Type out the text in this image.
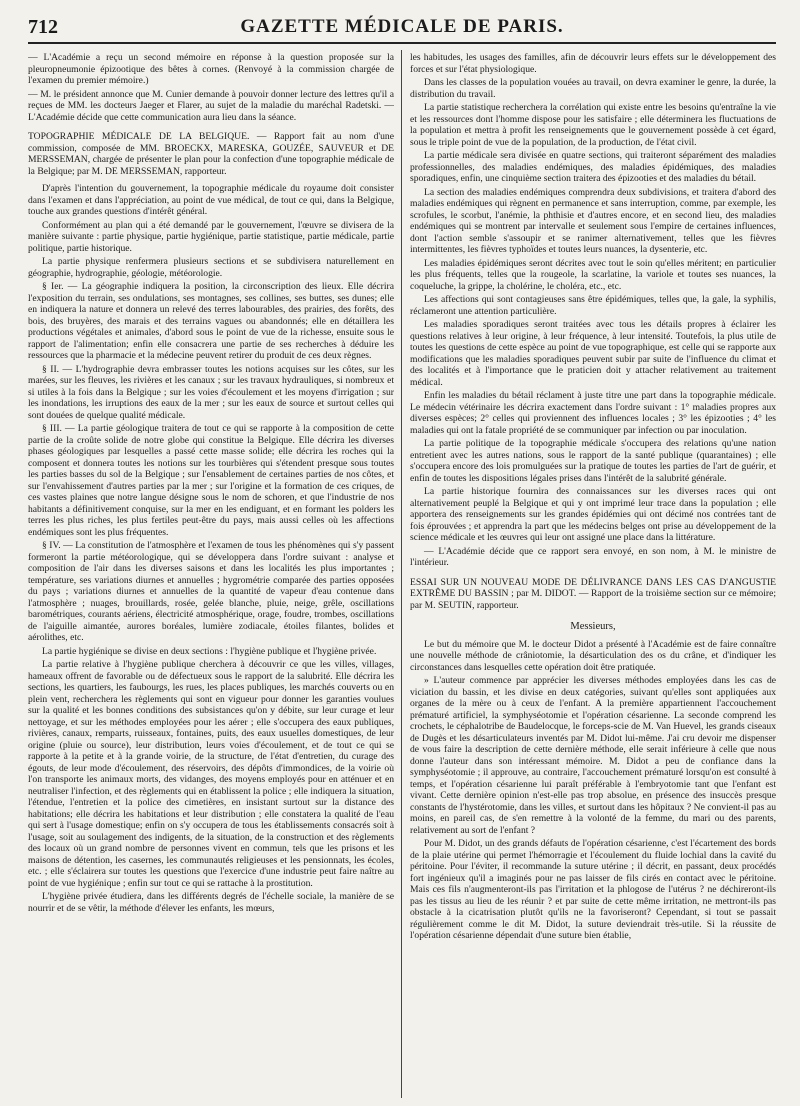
712	GAZETTE MÉDICALE DE PARIS.

— L'Académie a reçu un second mémoire en réponse à la question proposée sur la pleuropneumonie épizootique des bêtes à cornes. (Renvoyé à la commission chargée de l'examen du premier mémoire.)

— M. le président annonce que M. Cunier demande à pouvoir donner lecture des lettres qu'il a reçues de MM. les docteurs Jaeger et Flarer, au sujet de la maladie du maréchal Radetski. — L'Académie décide que cette communication aura lieu dans la séance.

TOPOGRAPHIE MÉDICALE DE LA BELGIQUE. — Rapport fait au nom d'une commission, composée de MM. BROECKX, MARESKA, GOUZÉE, SAUVEUR et DE MERSSEMAN, chargée de présenter le plan pour la confection d'une topographie médicale de la Belgique; par M. DE MERSSEMAN, rapporteur.

D'après l'intention du gouvernement, la topographie médicale du royaume doit consister dans l'examen et dans l'appréciation, au point de vue médical, de tout ce qui, dans la Belgique, touche aux grandes questions d'intérêt général.

Conformément au plan qui a été demandé par le gouvernement, l'œuvre se divisera de la manière suivante : partie physique, partie hygiénique, partie statistique, partie médicale, partie politique, partie historique.

La partie physique renfermera plusieurs sections et se subdivisera naturellement en géographie, hydrographie, géologie, météorologie.

§ Ier. — La géographie indiquera la position, la circonscription des lieux. Elle décrira l'exposition du terrain, ses ondulations, ses montagnes, ses collines, ses buttes, ses dunes; elle en indiquera la nature et donnera un relevé des terres labourables, des prairies, des forêts, des bois, des bruyères, des marais et des terrains vagues ou abandonnés; elle en détaillera les productions végétales et animales, d'abord sous le point de vue de la richesse, ensuite sous le rapport de l'alimentation; enfin elle consacrera une partie de ses recherches à déduire les ressources que la pharmacie et la médecine peuvent retirer du produit de ces deux règnes.

§ II. — L'hydrographie devra embrasser toutes les notions acquises sur les côtes, sur les marées, sur les fleuves, les rivières et les canaux ; sur les travaux hydrauliques, si nombreux et si utiles à la fois dans la Belgique ; sur les voies d'écoulement et les moyens d'irrigation ; sur les inondations, les irruptions des eaux de la mer ; sur les eaux de source et surtout celles qui sont douées de quelque qualité médicale.

§ III. — La partie géologique traitera de tout ce qui se rapporte à la composition de cette partie de la croûte solide de notre globe qui constitue la Belgique. Elle décrira les diverses phases géologiques par lesquelles a passé cette masse solide; elle décrira les roches qui la composent et donnera toutes les notions sur les tourbières qui s'étendent presque sous toutes les parties basses du sol de la Belgique ; sur l'ensablement de certaines parties de nos côtes, et sur l'envahissement d'autres parties par la mer ; sur l'origine et la formation de ces criques, de ces vastes plaines que notre langue désigne sous le nom de schoren, et que l'industrie de nos habitants a définitivement conquise, sur la mer en les endiguant, et en formant les polders les terres les plus riches, les plus fertiles peut-être du pays, mais aussi celles où les affections endémiques sont les plus fréquentes.

§ IV. — La constitution de l'atmosphère et l'examen de tous les phénomènes qui s'y passent formeront la partie météorologique, qui se développera dans l'ordre suivant : analyse et composition de l'air dans les diverses saisons et dans les localités les plus importantes ; température, ses variations diurnes et annuelles ; hygrométrie comparée des parties opposées du pays ; variations diurnes et annuelles de la quantité de vapeur d'eau contenue dans l'atmosphère ; nuages, brouillards, rosée, gelée blanche, pluie, neige, grêle, oscillations barométriques, courants aériens, électricité atmosphérique, orage, foudre, trombes, oscillations de l'aiguille aimantée, aurores boréales, lumière zodiacale, étoiles filantes, bolides et aérolithes, etc.

La partie hygiénique se divise en deux sections : l'hygiène publique et l'hygiène privée.

La partie relative à l'hygiène publique cherchera à découvrir ce que les villes, villages, hameaux offrent de favorable ou de défectueux sous le rapport de la salubrité. Elle décrira les sections, les quartiers, les faubourgs, les rues, les places publiques, les marchés couverts ou en plein vent, recherchera les règlements qui sont en vigueur pour donner les garanties voulues sur la qualité et les bonnes conditions des subsistances qu'on y débite, sur leur curage et leur nettoyage, et sur les méthodes employées pour les aérer ; elle s'occupera des eaux publiques, rivières, canaux, remparts, ruisseaux, fontaines, puits, des eaux usuelles domestiques, de leur origine (pluie ou source), leur distribution, leurs voies d'écoulement, et de tout ce qui se rapporte à la petite et à la grande voirie, de la structure, de l'état d'entretien, du curage des égouts, de leur mode d'écoulement, des réservoirs, des dépôts d'immondices, de la voirie où l'on transporte les animaux morts, des vidanges, des moyens employés pour en atténuer et en neutraliser l'infection, et des règlements qui en établissent la police ; elle indiquera la situation, l'étendue, l'entretien et la police des cimetières, en insistant surtout sur la distance des habitations; elle décrira les habitations et leur distribution ; elle constatera la qualité de l'eau qui sert à l'usage domestique; enfin on s'y occupera de tous les établissements consacrés soit à l'usage, soit au soulagement des indigents, de la situation, de la construction et des règlements des locaux où un grand nombre de personnes vivent en commun, tels que les prisons et les maisons de détention, les casernes, les communautés religieuses et les pensionnats, les écoles, etc. ; elle s'éclairera sur toutes les questions que l'exercice d'une industrie peut faire naître au point de vue hygiénique ; enfin sur tout ce qui se rattache à la prostitution.

L'hygiène privée étudiera, dans les différents degrés de l'échelle sociale, la manière de se nourrir et de se vêtir, la méthode d'élever les enfants, les mœurs,

les habitudes, les usages des familles, afin de découvrir leurs effets sur le développement des forces et sur l'état physiologique.

Dans les classes de la population vouées au travail, on devra examiner le genre, la durée, la distribution du travail.

La partie statistique recherchera la corrélation qui existe entre les besoins qu'entraîne la vie et les ressources dont l'homme dispose pour les satisfaire ; elle déterminera les fluctuations de la population et mettra à profit les renseignements que le gouvernement possède à cet égard, sous le triple point de vue de la population, de la production, de l'état civil.

La partie médicale sera divisée en quatre sections, qui traiteront séparément des maladies professionnelles, des maladies endémiques, des maladies épidémiques, des maladies sporadiques, enfin, une cinquième section traitera des épizooties et des maladies du bétail.

La section des maladies endémiques comprendra deux subdivisions, et traitera d'abord des maladies endémiques qui règnent en permanence et sans interruption, comme, par exemple, les scrofules, le scorbut, l'anémie, la phthisie et d'autres encore, et en second lieu, des maladies endémiques qui se montrent par intervalle et seulement sous l'empire de certaines influences, dont l'action semble s'assoupir et se ranimer alternativement, telles que les fièvres intermittentes, les fièvres typhoïdes et toutes leurs nuances, la dysenterie, etc.

Les maladies épidémiques seront décrites avec tout le soin qu'elles méritent; en particulier les plus fréquents, telles que la rougeole, la scarlatine, la variole et toutes ses nuances, la coqueluche, la grippe, la cholérine, le choléra, etc., etc.

Les affections qui sont contagieuses sans être épidémiques, telles que, la gale, la syphilis, réclameront une attention particulière.

Les maladies sporadiques seront traitées avec tous les détails propres à éclairer les questions relatives à leur origine, à leur fréquence, à leur intensité. Toutefois, la plus utile de toutes les questions de cette espèce au point de vue topographique, est celle qui se rapporte aux modifications que les maladies sporadiques peuvent subir par suite de l'influence du climat et des localités et à l'importance que le praticien doit y attacher relativement au traitement médical.

Enfin les maladies du bétail réclament à juste titre une part dans la topographie médicale. Le médecin vétérinaire les décrira exactement dans l'ordre suivant : 1° maladies propres aux diverses espèces; 2° celles qui proviennent des influences locales ; 3° les épizooties ; 4° les maladies qui ont la fatale propriété de se communiquer par infection ou par inoculation.

La partie politique de la topographie médicale s'occupera des relations qu'une nation entretient avec les autres nations, sous le rapport de la santé publique (quarantaines) ; elle s'occupera encore des lois promulguées sur la pratique de toutes les parties de l'art de guérir, et enfin de toutes les dispositions légales prises dans l'intérêt de la salubrité générale.

La partie historique fournira des connaissances sur les diverses races qui ont alternativement peuplé la Belgique et qui y ont imprimé leur trace dans la population ; elle apportera des renseignements sur les grandes épidémies qui ont décimé nos contrées tant de fois éprouvées ; et apprendra la part que les médecins belges ont prise au développement de la science médicale et les œuvres qui leur ont assigné une place dans la littérature.

— L'Académie décide que ce rapport sera envoyé, en son nom, à M. le ministre de l'intérieur.

ESSAI SUR UN NOUVEAU MODE DE DÉLIVRANCE DANS LES CAS D'ANGUSTIE EXTRÊME DU BASSIN ; par M. DIDOT. — Rapport de la troisième section sur ce mémoire; par M. SEUTIN, rapporteur.

Messieurs,

Le but du mémoire que M. le docteur Didot a présenté à l'Académie est de faire connaître une nouvelle méthode de crâniotomie, la désarticulation des os du crâne, et d'indiquer les circonstances dans lesquelles cette opération doit être pratiquée.

» L'auteur commence par apprécier les diverses méthodes employées dans les cas de viciation du bassin, et les divise en deux catégories, suivant qu'elles sont appliquées aux organes de la mère ou à ceux de l'enfant. A la première appartiennent l'accouchement prématuré artificiel, la symphyséotomie et l'opération césarienne. La seconde comprend les crochets, le céphalotribe de Baudelocque, le forceps-scie de M. Van Huevel, les grands ciseaux de Dugès et les désarticulateurs inventés par M. Didot lui-même. J'ai cru devoir me dispenser de vous faire la description de cette dernière méthode, elle serait inférieure à celle que nous donne l'auteur dans son intéressant mémoire. M. Didot a peu de confiance dans la symphyséotomie ; il approuve, au contraire, l'accouchement prématuré lorsqu'on est consulté à temps, et l'opération césarienne lui paraît préférable à l'embryotomie tant que l'enfant est vivant. Cette dernière opinion n'est-elle pas trop absolue, en présence des insuccès presque constants de l'hystérotomie, dans les villes, et surtout dans les hôpitaux ? Ne convient-il pas au moins, en pareil cas, de s'en remettre à la volonté de la femme, du mari ou des parents, relativement au sort de l'enfant ?

Pour M. Didot, un des grands défauts de l'opération césarienne, c'est l'écartement des bords de la plaie utérine qui permet l'hémorragie et l'écoulement du fluide lochial dans la cavité du péritoine. Pour l'éviter, il recommande la suture utérine ; il décrit, en passant, deux procédés fort ingénieux qu'il a imaginés pour ne pas laisser de fils cirés en contact avec le péritoine. Mais ces fils n'augmenteront-ils pas l'irritation et la phlogose de l'utérus ? ne déchireront-ils pas les tissus au lieu de les réunir ? et par suite de cette même irritation, ne mettront-ils pas obstacle à la cicatrisation plutôt qu'ils ne la favoriseront? Cependant, si tout se passait régulièrement comme le dit M. Didot, la suture deviendrait très-utile. Si la réussite de l'opération césarienne dépendait d'une suture bien établie,
